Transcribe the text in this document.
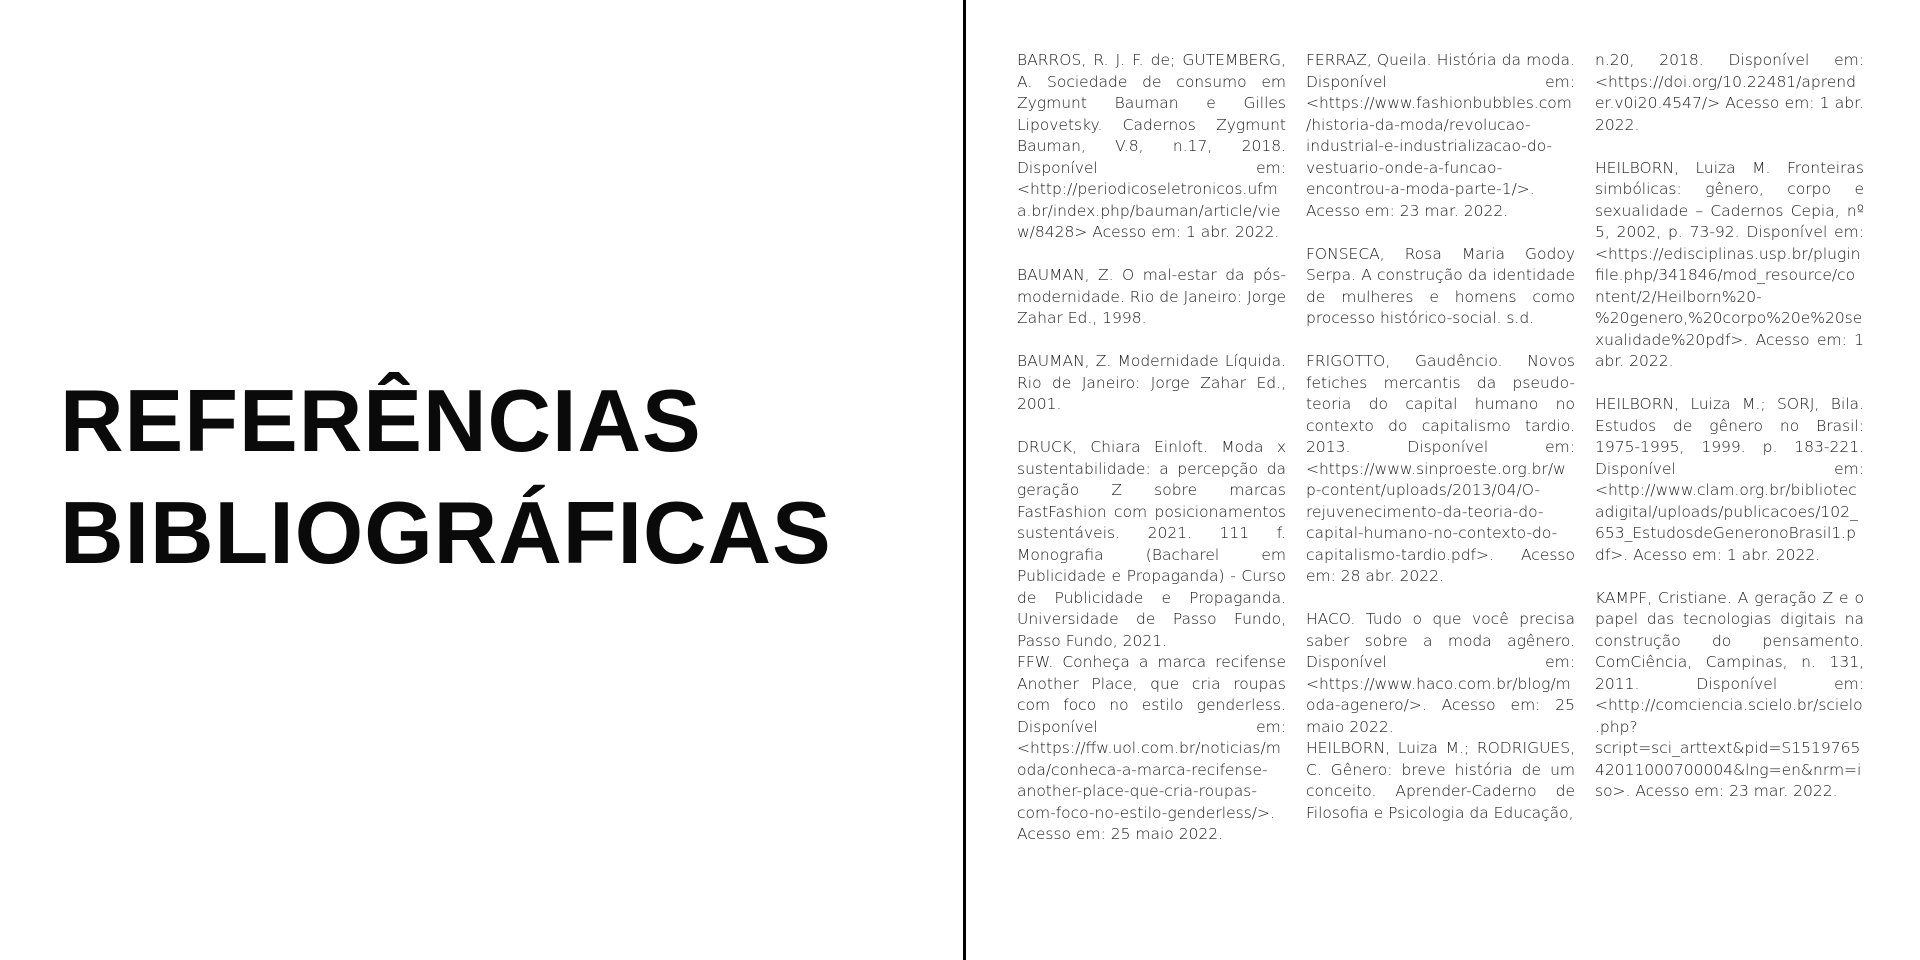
REFERÊNCIAS
BIBLIOGRÁFICAS

BARROS, R. J. F. de; GUTEMBERG, A. Sociedade de consumo em Zygmunt Bauman e Gilles Lipovetsky. Cadernos Zygmunt Bauman, V.8, n.17, 2018. Disponível em: <http://periodicoseletronicos.ufma.br/index.php/bauman/article/view/8428> Acesso em: 1 abr. 2022.

BAUMAN, Z. O mal-estar da pós-modernidade. Rio de Janeiro: Jorge Zahar Ed., 1998.

BAUMAN, Z. Modernidade Líquida. Rio de Janeiro: Jorge Zahar Ed., 2001.

DRUCK, Chiara Einloft. Moda x sustentabilidade: a percepção da geração Z sobre marcas FastFashion com posicionamentos sustentáveis. 2021. 111 f. Monografia (Bacharel em Publicidade e Propaganda) - Curso de Publicidade e Propaganda. Universidade de Passo Fundo, Passo Fundo, 2021.

FFW. Conheça a marca recifense Another Place, que cria roupas com foco no estilo genderless. Disponível em: <https://ffw.uol.com.br/noticias/moda/conheca-a-marca-recifense-another-place-que-cria-roupas-com-foco-no-estilo-genderless/>. Acesso em: 25 maio 2022.

FERRAZ, Queila. História da moda. Disponível em: <https://www.fashionbubbles.com/historia-da-moda/revolucao-industrial-e-industrializacao-do-vestuario-onde-a-funcao-encontrou-a-moda-parte-1/>. Acesso em: 23 mar. 2022.

FONSECA, Rosa Maria Godoy Serpa. A construção da identidade de mulheres e homens como processo histórico-social. s.d.

FRIGOTTO, Gaudêncio. Novos fetiches mercantis da pseudo-teoria do capital humano no contexto do capitalismo tardio. 2013. Disponível em: <https://www.sinproeste.org.br/wp-content/uploads/2013/04/O-rejuvenecimento-da-teoria-do-capital-humano-no-contexto-do-capitalismo-tardio.pdf>. Acesso em: 28 abr. 2022.

HACO. Tudo o que você precisa saber sobre a moda agênero. Disponível em: <https://www.haco.com.br/blog/moda-agenero/>. Acesso em: 25 maio 2022.

HEILBORN, Luiza M.; RODRIGUES, C. Gênero: breve história de um conceito. Aprender-Caderno de Filosofia e Psicologia da Educação,

n.20, 2018. Disponível em: <https://doi.org/10.22481/aprender.v0i20.4547/> Acesso em: 1 abr. 2022.

HEILBORN, Luiza M. Fronteiras simbólicas: gênero, corpo e sexualidade – Cadernos Cepia, nº 5, 2002, p. 73-92. Disponível em: <https://edisciplinas.usp.br/pluginfile.php/341846/mod_resource/content/2/Heilborn%20-%20genero,%20corpo%20e%20sexualidade%20pdf>. Acesso em: 1 abr. 2022.

HEILBORN, Luiza M.; SORJ, Bila. Estudos de gênero no Brasil: 1975-1995, 1999. p. 183-221. Disponível em: <http://www.clam.org.br/bibliotecadigital/uploads/publicacoes/102_653_EstudosdeGeneronoBrasil1.pdf>. Acesso em: 1 abr. 2022.

KAMPF, Cristiane. A geração Z e o papel das tecnologias digitais na construção do pensamento. ComCiência, Campinas, n. 131, 2011. Disponível em: <http://comciencia.scielo.br/scielo.php?script=sci_arttext&pid=S151976542011000700004&lng=en&nrm=iso>. Acesso em: 23 mar. 2022.
